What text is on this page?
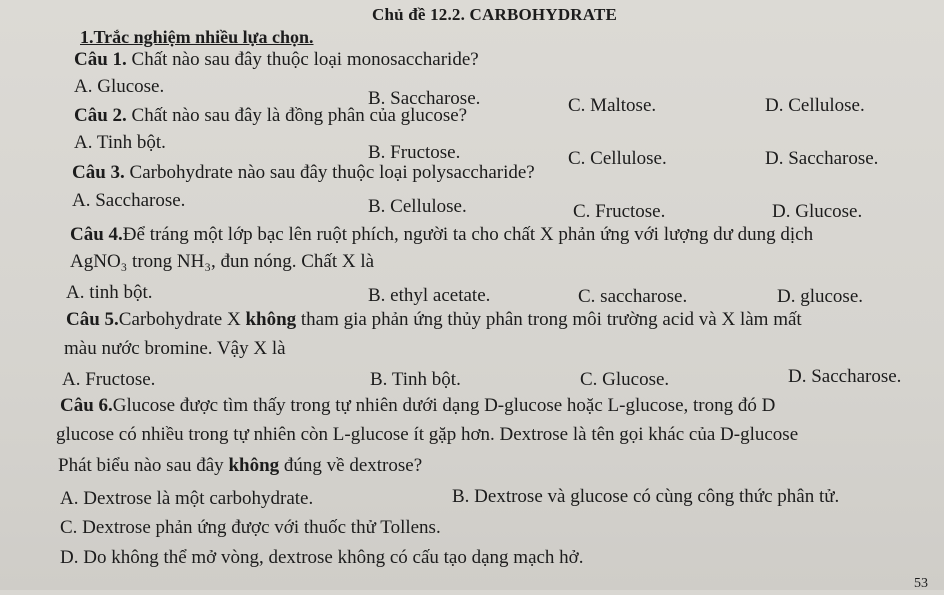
Chủ đề 12.2. CARBOHYDRATE
1.Trắc nghiệm nhiều lựa chọn.
Câu 1. Chất nào sau đây thuộc loại monosaccharide?
A. Glucose.
B. Saccharose.	C. Maltose.	D. Cellulose.
Câu 2. Chất nào sau đây là đồng phân của glucose?
A. Tinh bột.	B. Fructose.	C. Cellulose.	D. Saccharose.
Câu 3. Carbohydrate nào sau đây thuộc loại polysaccharide?
A. Saccharose.	B. Cellulose.	C. Fructose.	D. Glucose.
Câu 4.Để tráng một lớp bạc lên ruột phích, người ta cho chất X phản ứng với lượng dư dung dịch
AgNO₃ trong NH₃, đun nóng. Chất X là
A. tinh bột.	B. ethyl acetate.	C. saccharose.	D. glucose.
Câu 5.Carbohydrate X không tham gia phản ứng thủy phân trong môi trường acid và X làm mất
màu nước bromine. Vậy X là
A. Fructose.	B. Tinh bột.	C. Glucose.	D. Saccharose.
Câu 6.Glucose được tìm thấy trong tự nhiên dưới dạng D-glucose hoặc L-glucose, trong đó D
glucose có nhiều trong tự nhiên còn L-glucose ít gặp hơn. Dextrose là tên gọi khác của D-glucose
Phát biểu nào sau đây không đúng về dextrose?
A. Dextrose là một carbohydrate.	B. Dextrose và glucose có cùng công thức phân tử.
C. Dextrose phản ứng được với thuốc thử Tollens.
D. Do không thể mở vòng, dextrose không có cấu tạo dạng mạch hở.
53
